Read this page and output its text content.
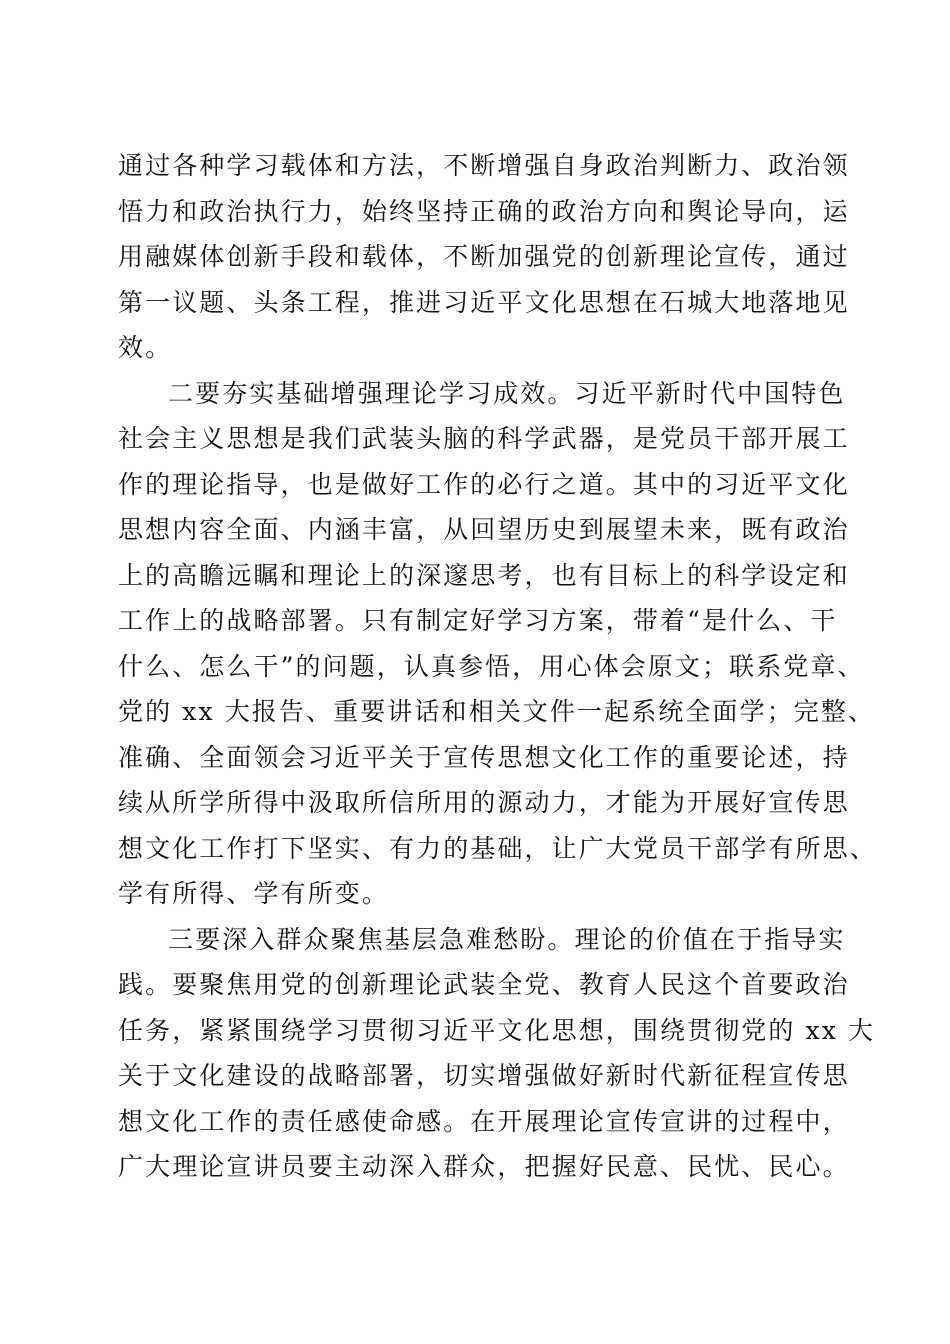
通过各种学习载体和方法，不断增强自身政治判断力、政治领
悟力和政治执行力，始终坚持正确的政治方向和舆论导向，运
用融媒体创新手段和载体，不断加强党的创新理论宣传，通过
第一议题、头条工程，推进习近平文化思想在石城大地落地见
效。
二要夯实基础增强理论学习成效。习近平新时代中国特色
社会主义思想是我们武装头脑的科学武器，是党员干部开展工
作的理论指导，也是做好工作的必行之道。其中的习近平文化
思想内容全面、内涵丰富，从回望历史到展望未来，既有政治
上的高瞻远瞩和理论上的深邃思考，也有目标上的科学设定和
工作上的战略部署。只有制定好学习方案，带着“是什么、干
什么、怎么干”的问题，认真参悟，用心体会原文；联系党章、
党的 xx 大报告、重要讲话和相关文件一起系统全面学；完整、
准确、全面领会习近平关于宣传思想文化工作的重要论述，持
续从所学所得中汲取所信所用的源动力，才能为开展好宣传思
想文化工作打下坚实、有力的基础，让广大党员干部学有所思、
学有所得、学有所变。
三要深入群众聚焦基层急难愁盼。理论的价值在于指导实
践。要聚焦用党的创新理论武装全党、教育人民这个首要政治
任务，紧紧围绕学习贯彻习近平文化思想，围绕贯彻党的 xx 大
关于文化建设的战略部署，切实增强做好新时代新征程宣传思
想文化工作的责任感使命感。在开展理论宣传宣讲的过程中，
广大理论宣讲员要主动深入群众，把握好民意、民忧、民心。
